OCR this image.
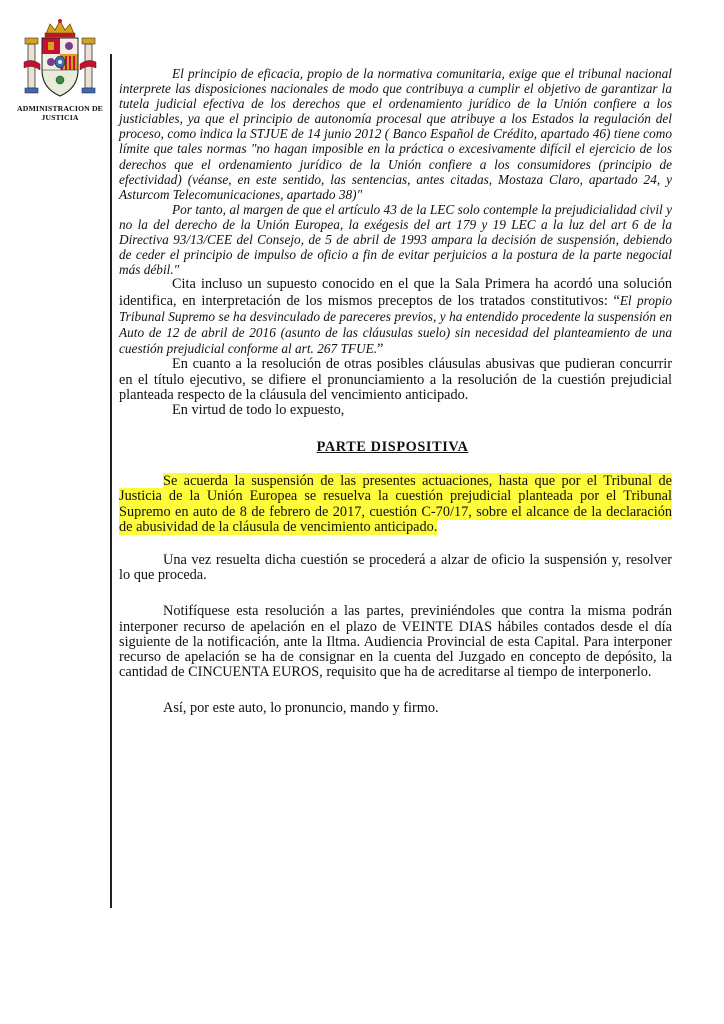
ADMINISTRACION DE JUSTICIA

El principio de eficacia, propio de la normativa comunitaria, exige que el tribunal nacional interprete las disposiciones nacionales de modo que contribuya a cumplir el objetivo de garantizar la tutela judicial efectiva de los derechos que el ordenamiento jurídico de la Unión confiere a los justiciables, ya que el principio de autonomía procesal que atribuye a los Estados la regulación del proceso, como indica la STJUE de 14 junio 2012 ( Banco Español de Crédito, apartado 46) tiene como límite que tales normas "no hagan imposible en la práctica o excesivamente difícil el ejercicio de los derechos que el ordenamiento jurídico de la Unión confiere a los consumidores (principio de efectividad) (véanse, en este sentido, las sentencias, antes citadas, Mostaza Claro, apartado 24, y Asturcom Telecomunicaciones, apartado 38)"

Por tanto, al margen de que el artículo 43 de la LEC solo contemple la prejudicialidad civil y no la del derecho de la Unión Europea, la exégesis del art 179 y 19 LEC a la luz del art 6 de la Directiva 93/13/CEE del Consejo, de 5 de abril de 1993 ampara la decisión de suspensión, debiendo de ceder el principio de impulso de oficio a fin de evitar perjuicios a la postura de la parte negocial más débil."

Cita incluso un supuesto conocido en el que la Sala Primera ha acordó una solución identifica, en interpretación de los mismos preceptos de los tratados constitutivos: “El propio Tribunal Supremo se ha desvinculado de pareceres previos, y ha entendido procedente la suspensión en Auto de 12 de abril de 2016 (asunto de las cláusulas suelo) sin necesidad del planteamiento de una cuestión prejudicial conforme al art. 267 TFUE.”

En cuanto a la resolución de otras posibles cláusulas abusivas que pudieran concurrir en el título ejecutivo, se difiere el pronunciamiento a la resolución de la cuestión prejudicial planteada respecto de la cláusula del vencimiento anticipado.

En virtud de todo lo expuesto,

PARTE DISPOSITIVA

Se acuerda la suspensión de las presentes actuaciones, hasta que por el Tribunal de Justicia de la Unión Europea se resuelva la cuestión prejudicial planteada por el Tribunal Supremo en auto de 8 de febrero de 2017, cuestión C-70/17, sobre el alcance de la declaración de abusividad de la cláusula de vencimiento anticipado.

Una vez resuelta dicha cuestión se procederá a alzar de oficio la suspensión y, resolver lo que proceda.

Notifíquese esta resolución a las partes, previniéndoles que contra la misma podrán interponer recurso de apelación en el plazo de VEINTE DIAS hábiles contados desde el día siguiente de la notificación, ante la Iltma. Audiencia Provincial de esta Capital. Para interponer recurso de apelación se ha de consignar en la cuenta del Juzgado en concepto de depósito, la cantidad de CINCUENTA EUROS, requisito que ha de acreditarse al tiempo de interponerlo.

Así, por este auto, lo pronuncio, mando y firmo.
